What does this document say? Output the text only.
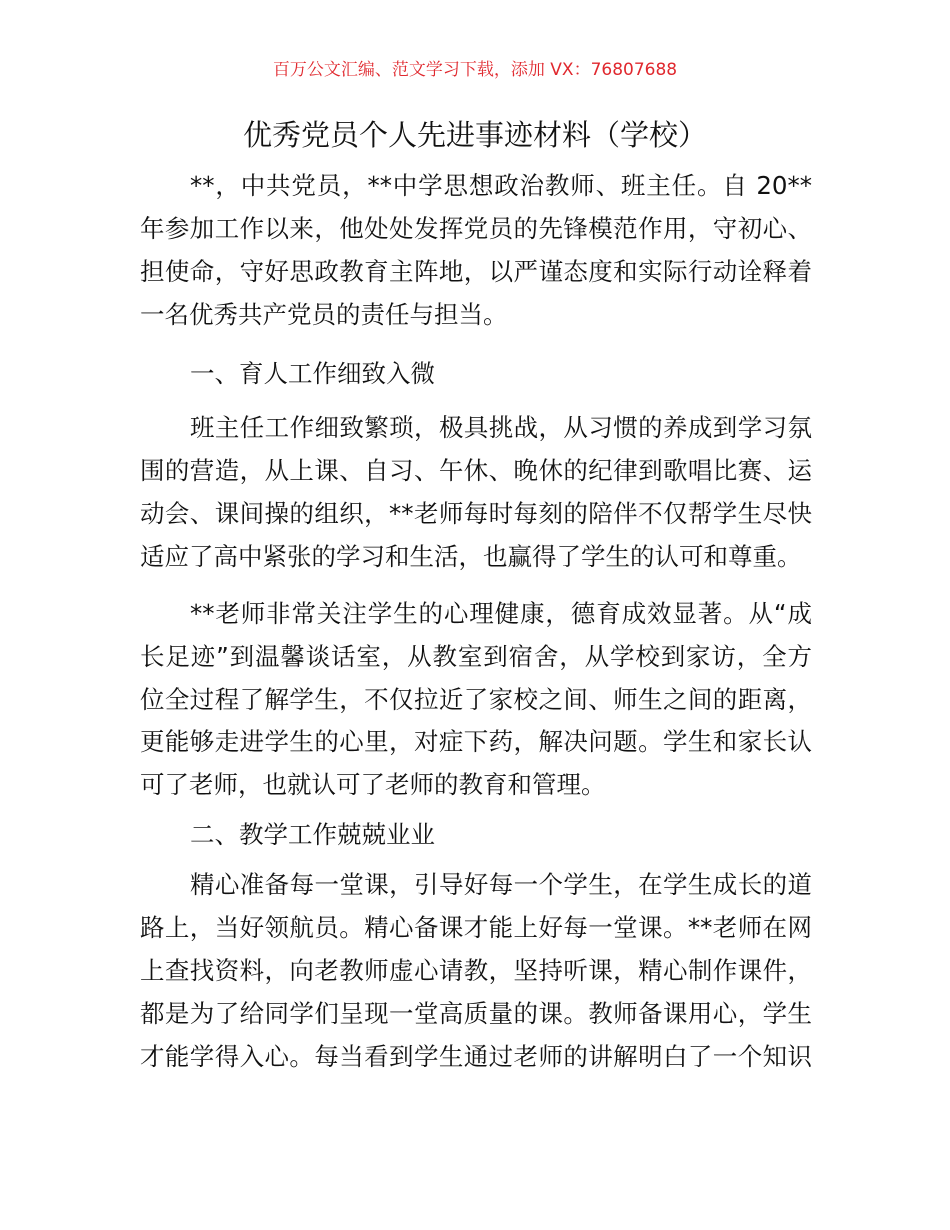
百万公文汇编、范文学习下载，添加 VX：76807688
优秀党员个人先进事迹材料（学校）
**，中共党员，**中学思想政治教师、班主任。自 20**
年参加工作以来，他处处发挥党员的先锋模范作用，守初心、
担使命，守好思政教育主阵地，以严谨态度和实际行动诠释着
一名优秀共产党员的责任与担当。
一、育人工作细致入微
班主任工作细致繁琐，极具挑战，从习惯的养成到学习氛
围的营造，从上课、自习、午休、晚休的纪律到歌唱比赛、运
动会、课间操的组织，**老师每时每刻的陪伴不仅帮学生尽快
适应了高中紧张的学习和生活，也赢得了学生的认可和尊重。
**老师非常关注学生的心理健康，德育成效显著。从“成
长足迹”到温馨谈话室，从教室到宿舍，从学校到家访，全方
位全过程了解学生，不仅拉近了家校之间、师生之间的距离，
更能够走进学生的心里，对症下药，解决问题。学生和家长认
可了老师，也就认可了老师的教育和管理。
二、教学工作兢兢业业
精心准备每一堂课，引导好每一个学生，在学生成长的道
路上，当好领航员。精心备课才能上好每一堂课。**老师在网
上查找资料，向老教师虚心请教，坚持听课，精心制作课件，
都是为了给同学们呈现一堂高质量的课。教师备课用心，学生
才能学得入心。每当看到学生通过老师的讲解明白了一个知识
